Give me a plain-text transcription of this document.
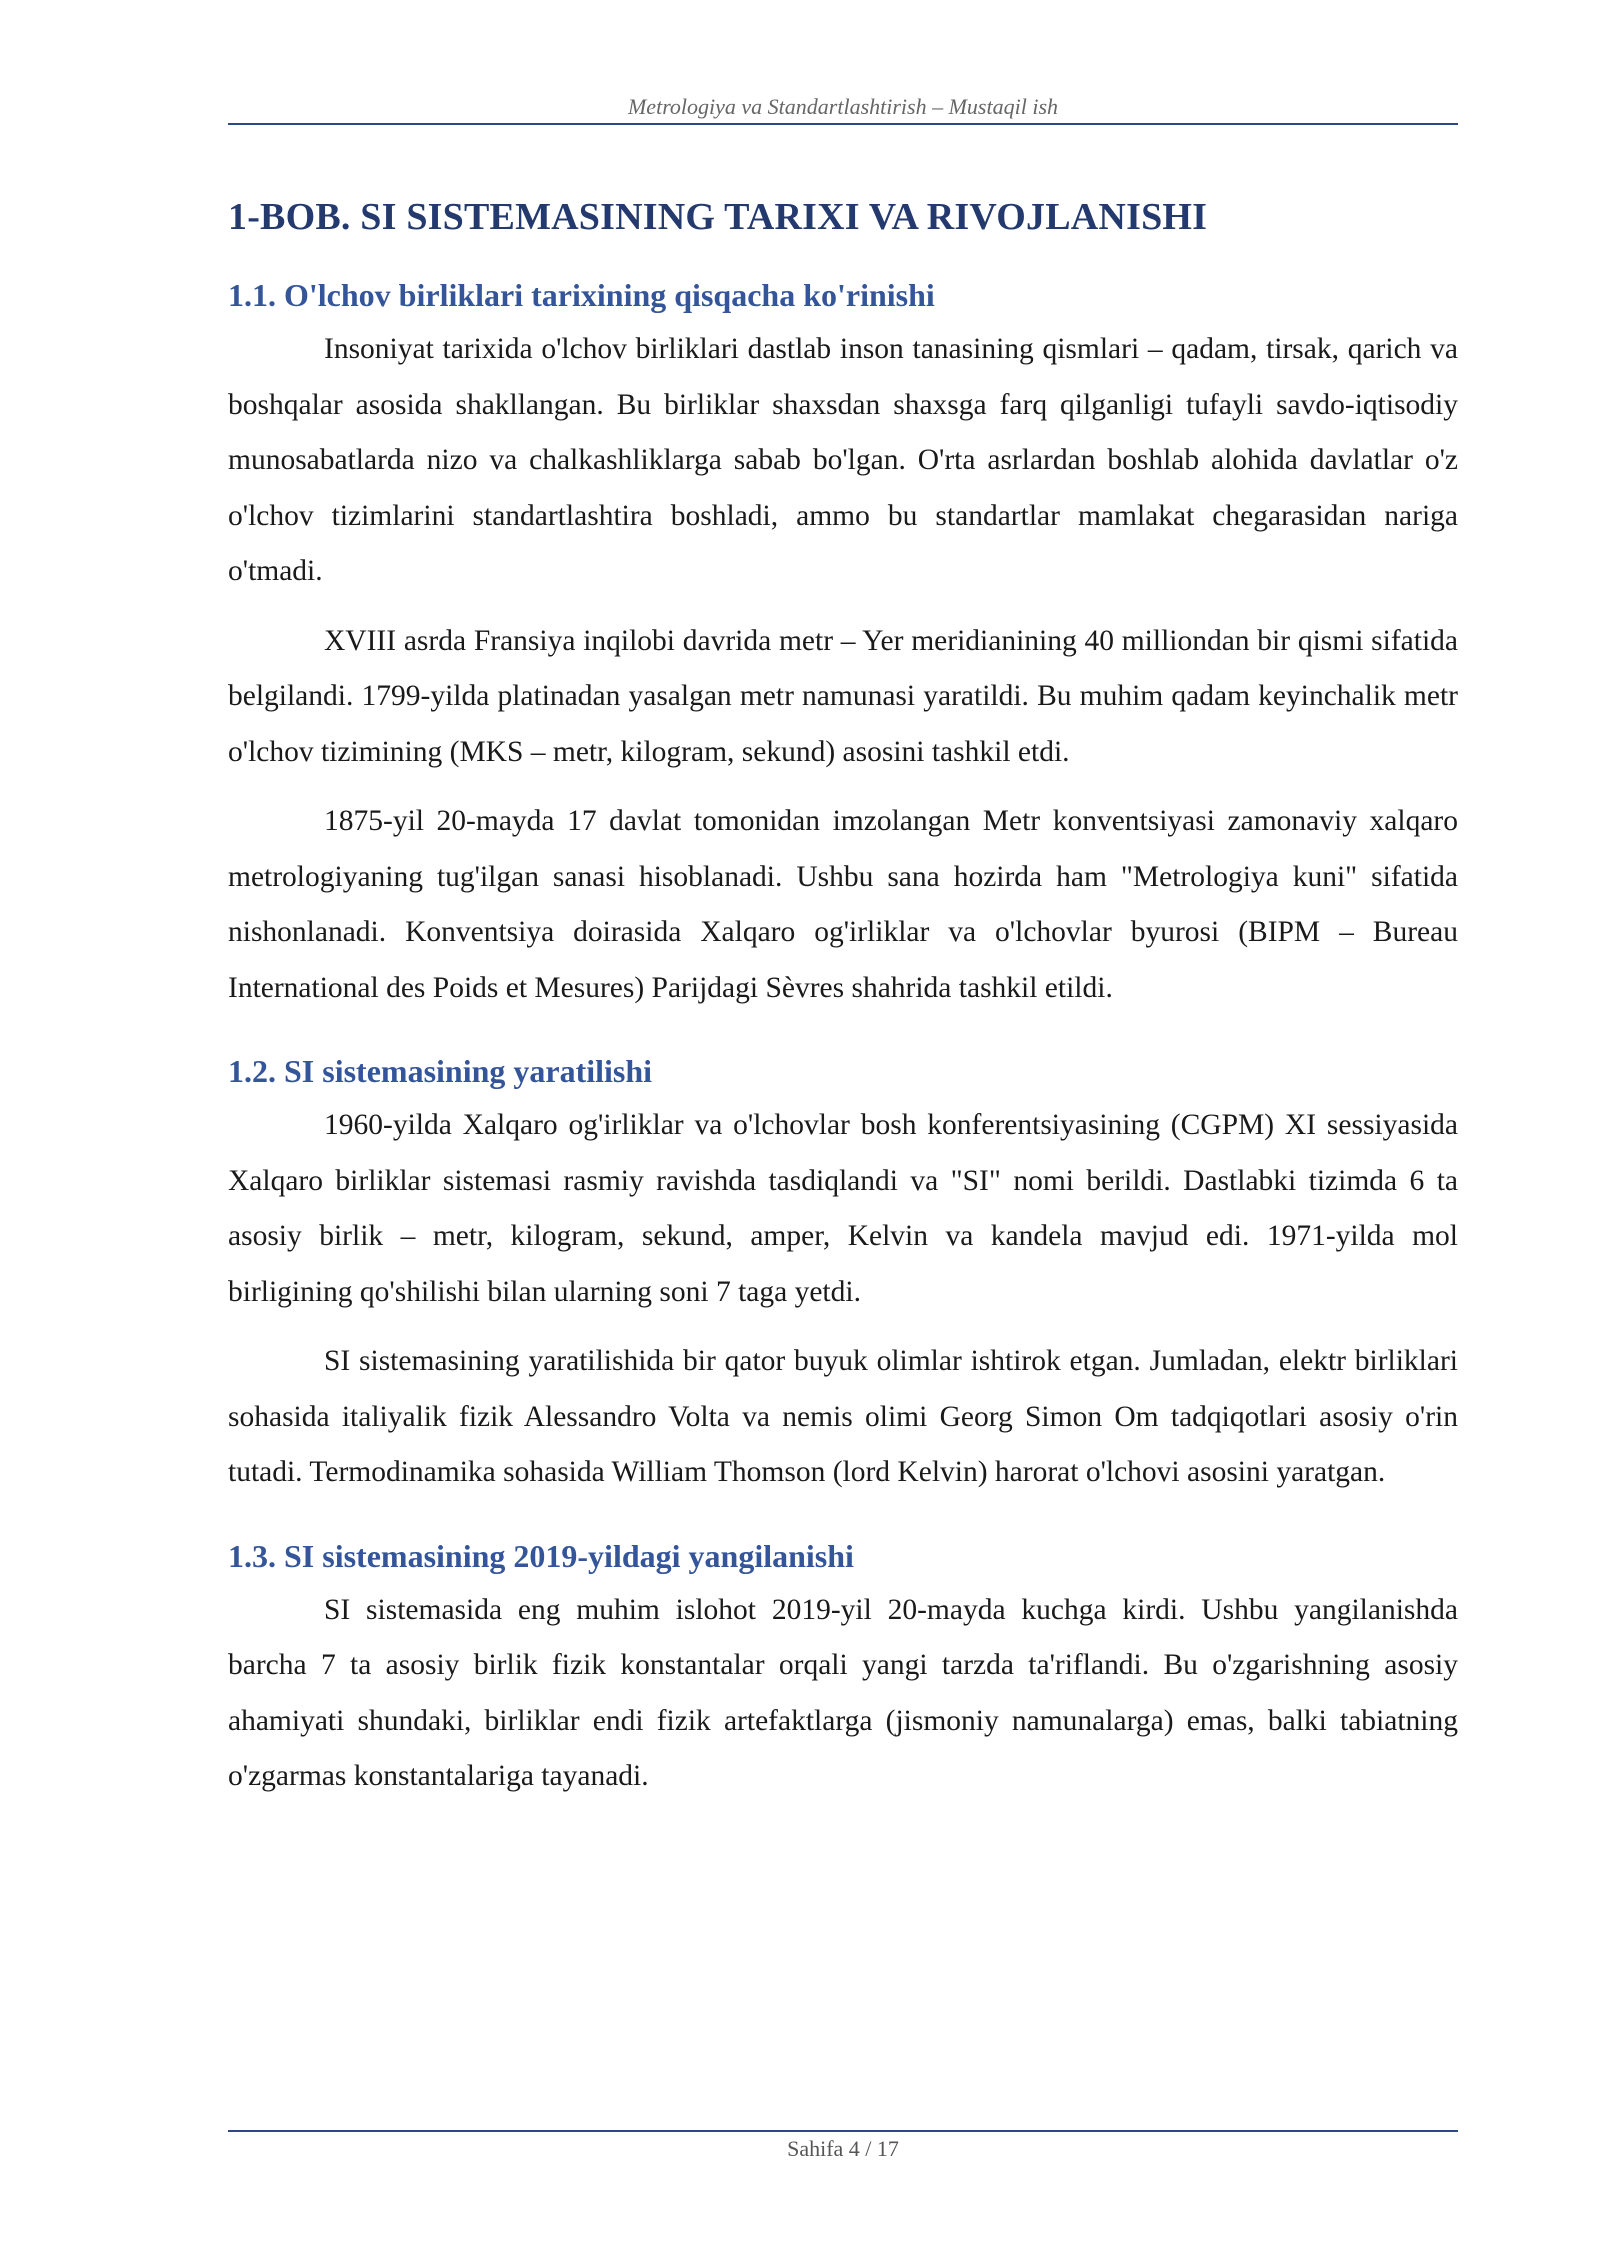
Metrologiya va Standartlashtirish – Mustaqil ish
1-BOB. SI SISTEMASINING TARIXI VA RIVOJLANISHI
1.1. O'lchov birliklari tarixining qisqacha ko'rinishi

Insoniyat tarixida o'lchov birliklari dastlab inson tanasining qismlari – qadam, tirsak, qarich va boshqalar asosida shakllangan. Bu birliklar shaxsdan shaxsga farq qilganligi tufayli savdo-iqtisodiy munosabatlarda nizo va chalkashliklarga sabab bo'lgan. O'rta asrlardan boshlab alohida davlatlar o'z o'lchov tizimlarini standartlashtira boshladi, ammo bu standartlar mamlakat chegarasidan nariga o'tmadi.

XVIII asrda Fransiya inqilobi davrida metr – Yer meridianining 40 milliondan bir qismi sifatida belgilandi. 1799-yilda platinadan yasalgan metr namunasi yaratildi. Bu muhim qadam keyinchalik metr o'lchov tizimining (MKS – metr, kilogram, sekund) asosini tashkil etdi.

1875-yil 20-mayda 17 davlat tomonidan imzolangan Metr konventsiyasi zamonaviy xalqaro metrologiyaning tug'ilgan sanasi hisoblanadi. Ushbu sana hozirda ham "Metrologiya kuni" sifatida nishonlanadi. Konventsiya doirasida Xalqaro og'irliklar va o'lchovlar byurosi (BIPM – Bureau International des Poids et Mesures) Parijdagi Sèvres shahrida tashkil etildi.

1.2. SI sistemasining yaratilishi

1960-yilda Xalqaro og'irliklar va o'lchovlar bosh konferentsiyasining (CGPM) XI sessiyasida Xalqaro birliklar sistemasi rasmiy ravishda tasdiqlandi va "SI" nomi berildi. Dastlabki tizimda 6 ta asosiy birlik – metr, kilogram, sekund, amper, Kelvin va kandela mavjud edi. 1971-yilda mol birligining qo'shilishi bilan ularning soni 7 taga yetdi.

SI sistemasining yaratilishida bir qator buyuk olimlar ishtirok etgan. Jumladan, elektr birliklari sohasida italiyalik fizik Alessandro Volta va nemis olimi Georg Simon Om tadqiqotlari asosiy o'rin tutadi. Termodinamika sohasida William Thomson (lord Kelvin) harorat o'lchovi asosini yaratgan.

1.3. SI sistemasining 2019-yildagi yangilanishi

SI sistemasida eng muhim islohot 2019-yil 20-mayda kuchga kirdi. Ushbu yangilanishda barcha 7 ta asosiy birlik fizik konstantalar orqali yangi tarzda ta'riflandi. Bu o'zgarishning asosiy ahamiyati shundaki, birliklar endi fizik artefaktlarga (jismoniy namunalarga) emas, balki tabiatning o'zgarmas konstantalariga tayanadi.

Sahifa 4 / 17
